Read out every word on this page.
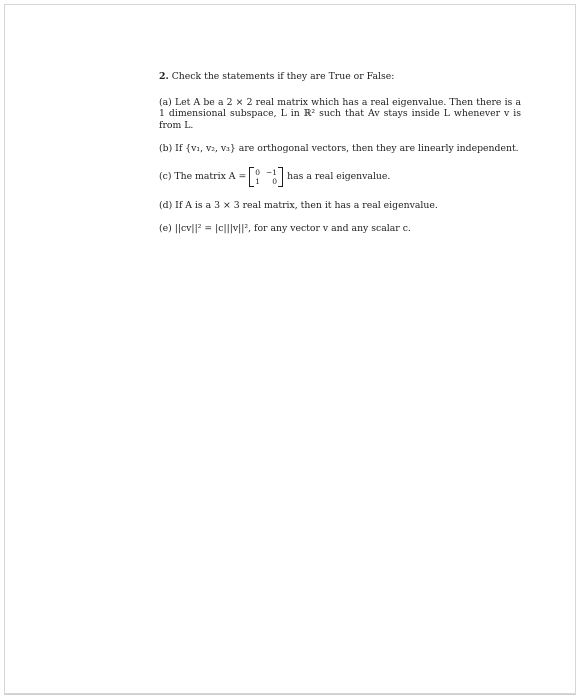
2. Check the statements if they are True or False:

(a) Let A be a 2 × 2 real matrix which has a real eigenvalue. Then there is a 1 dimensional subspace, L in ℝ² such that Av stays inside L whenever v is from L.

(b) If {v₁, v₂, v₃} are orthogonal vectors, then they are linearly independent.

(c) The matrix A = 0 −1
1	0 has a real eigenvalue.

(d) If A is a 3 × 3 real matrix, then it has a real eigenvalue.

(e) ||cv||² = |c|||v||², for any vector v and any scalar c.
